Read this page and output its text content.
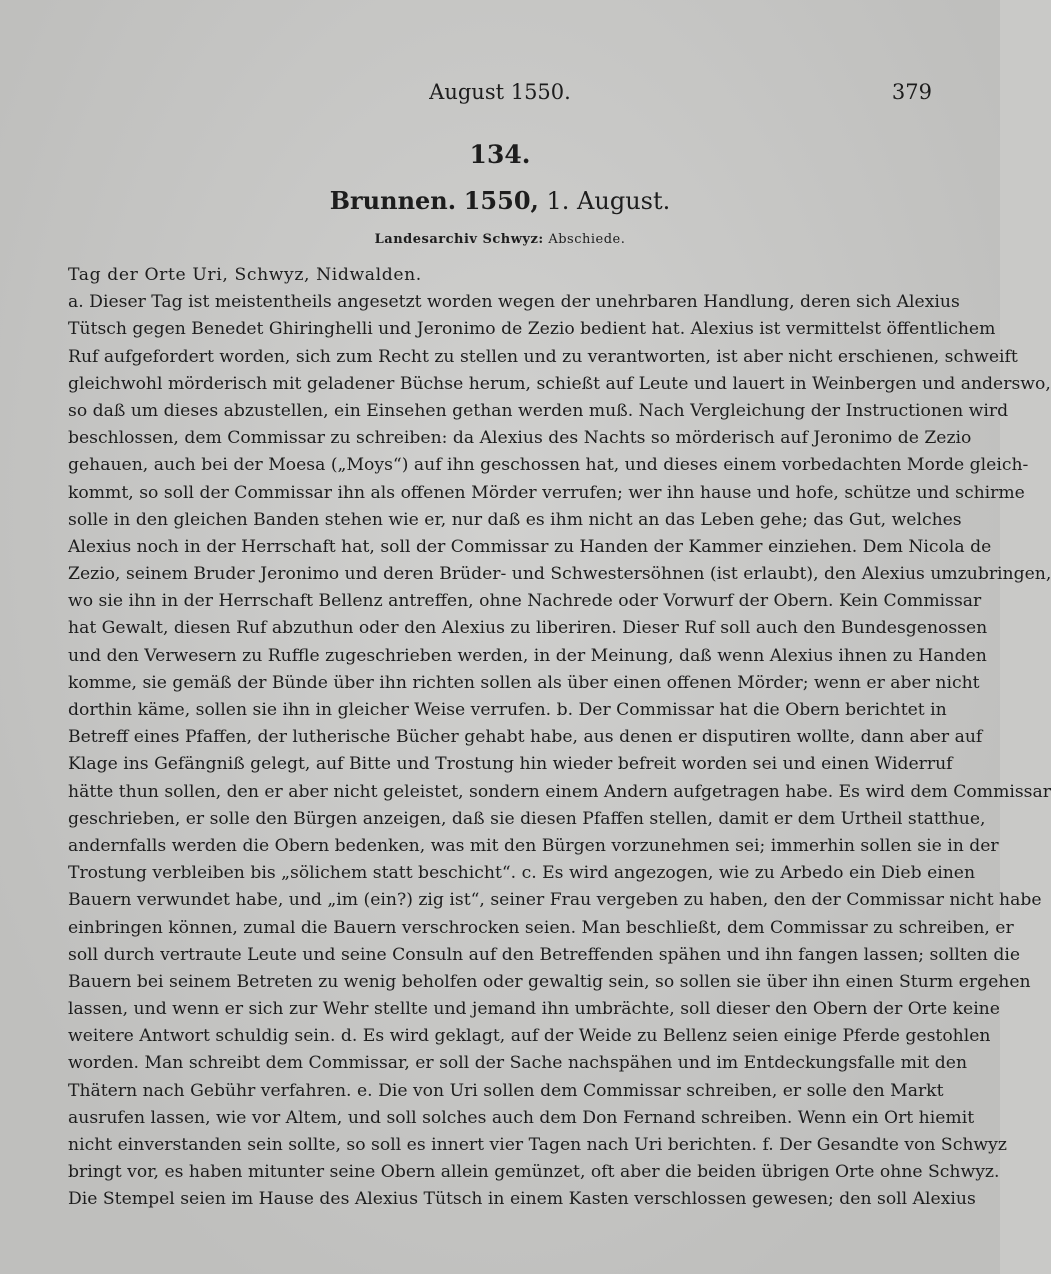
August 1550.	379
134.
Brunnen. 1550, 1. August.
Landesarchiv Schwyz: Abschiede.
Tag der Orte Uri, Schwyz, Nidwalden.
a. Dieser Tag ist meistentheils angesetzt worden wegen der unehrbaren Handlung, deren sich Alexius
Tütsch gegen Benedet Ghiringhelli und Jeronimo de Zezio bedient hat. Alexius ist vermittelst öffentlichem
Ruf aufgefordert worden, sich zum Recht zu stellen und zu verantworten, ist aber nicht erschienen, schweift
gleichwohl mörderisch mit geladener Büchse herum, schießt auf Leute und lauert in Weinbergen und anderswo,
so daß um dieses abzustellen, ein Einsehen gethan werden muß. Nach Vergleichung der Instructionen wird
beschlossen, dem Commissar zu schreiben: da Alexius des Nachts so mörderisch auf Jeronimo de Zezio
gehauen, auch bei der Moesa („Moys“) auf ihn geschossen hat, und dieses einem vorbedachten Morde gleich-
kommt, so soll der Commissar ihn als offenen Mörder verrufen; wer ihn hause und hofe, schütze und schirme
solle in den gleichen Banden stehen wie er, nur daß es ihm nicht an das Leben gehe; das Gut, welches
Alexius noch in der Herrschaft hat, soll der Commissar zu Handen der Kammer einziehen. Dem Nicola de
Zezio, seinem Bruder Jeronimo und deren Brüder- und Schwestersöhnen (ist erlaubt), den Alexius umzubringen,
wo sie ihn in der Herrschaft Bellenz antreffen, ohne Nachrede oder Vorwurf der Obern. Kein Commissar
hat Gewalt, diesen Ruf abzuthun oder den Alexius zu liberiren. Dieser Ruf soll auch den Bundesgenossen
und den Verwesern zu Ruffle zugeschrieben werden, in der Meinung, daß wenn Alexius ihnen zu Handen
komme, sie gemäß der Bünde über ihn richten sollen als über einen offenen Mörder; wenn er aber nicht
dorthin käme, sollen sie ihn in gleicher Weise verrufen. b. Der Commissar hat die Obern berichtet in
Betreff eines Pfaffen, der lutherische Bücher gehabt habe, aus denen er disputiren wollte, dann aber auf
Klage ins Gefängniß gelegt, auf Bitte und Trostung hin wieder befreit worden sei und einen Widerruf
hätte thun sollen, den er aber nicht geleistet, sondern einem Andern aufgetragen habe. Es wird dem Commissar
geschrieben, er solle den Bürgen anzeigen, daß sie diesen Pfaffen stellen, damit er dem Urtheil statthue,
andernfalls werden die Obern bedenken, was mit den Bürgen vorzunehmen sei; immerhin sollen sie in der
Trostung verbleiben bis „sölichem statt beschicht“. c. Es wird angezogen, wie zu Arbedo ein Dieb einen
Bauern verwundet habe, und „im (ein?) zig ist“, seiner Frau vergeben zu haben, den der Commissar nicht habe
einbringen können, zumal die Bauern verschrocken seien. Man beschließt, dem Commissar zu schreiben, er
soll durch vertraute Leute und seine Consuln auf den Betreffenden spähen und ihn fangen lassen; sollten die
Bauern bei seinem Betreten zu wenig beholfen oder gewaltig sein, so sollen sie über ihn einen Sturm ergehen
lassen, und wenn er sich zur Wehr stellte und jemand ihn umbrächte, soll dieser den Obern der Orte keine
weitere Antwort schuldig sein. d. Es wird geklagt, auf der Weide zu Bellenz seien einige Pferde gestohlen
worden. Man schreibt dem Commissar, er soll der Sache nachspähen und im Entdeckungsfalle mit den
Thätern nach Gebühr verfahren. e. Die von Uri sollen dem Commissar schreiben, er solle den Markt
ausrufen lassen, wie vor Altem, und soll solches auch dem Don Fernand schreiben. Wenn ein Ort hiemit
nicht einverstanden sein sollte, so soll es innert vier Tagen nach Uri berichten. f. Der Gesandte von Schwyz
bringt vor, es haben mitunter seine Obern allein gemünzet, oft aber die beiden übrigen Orte ohne Schwyz.
Die Stempel seien im Hause des Alexius Tütsch in einem Kasten verschlossen gewesen; den soll Alexius
